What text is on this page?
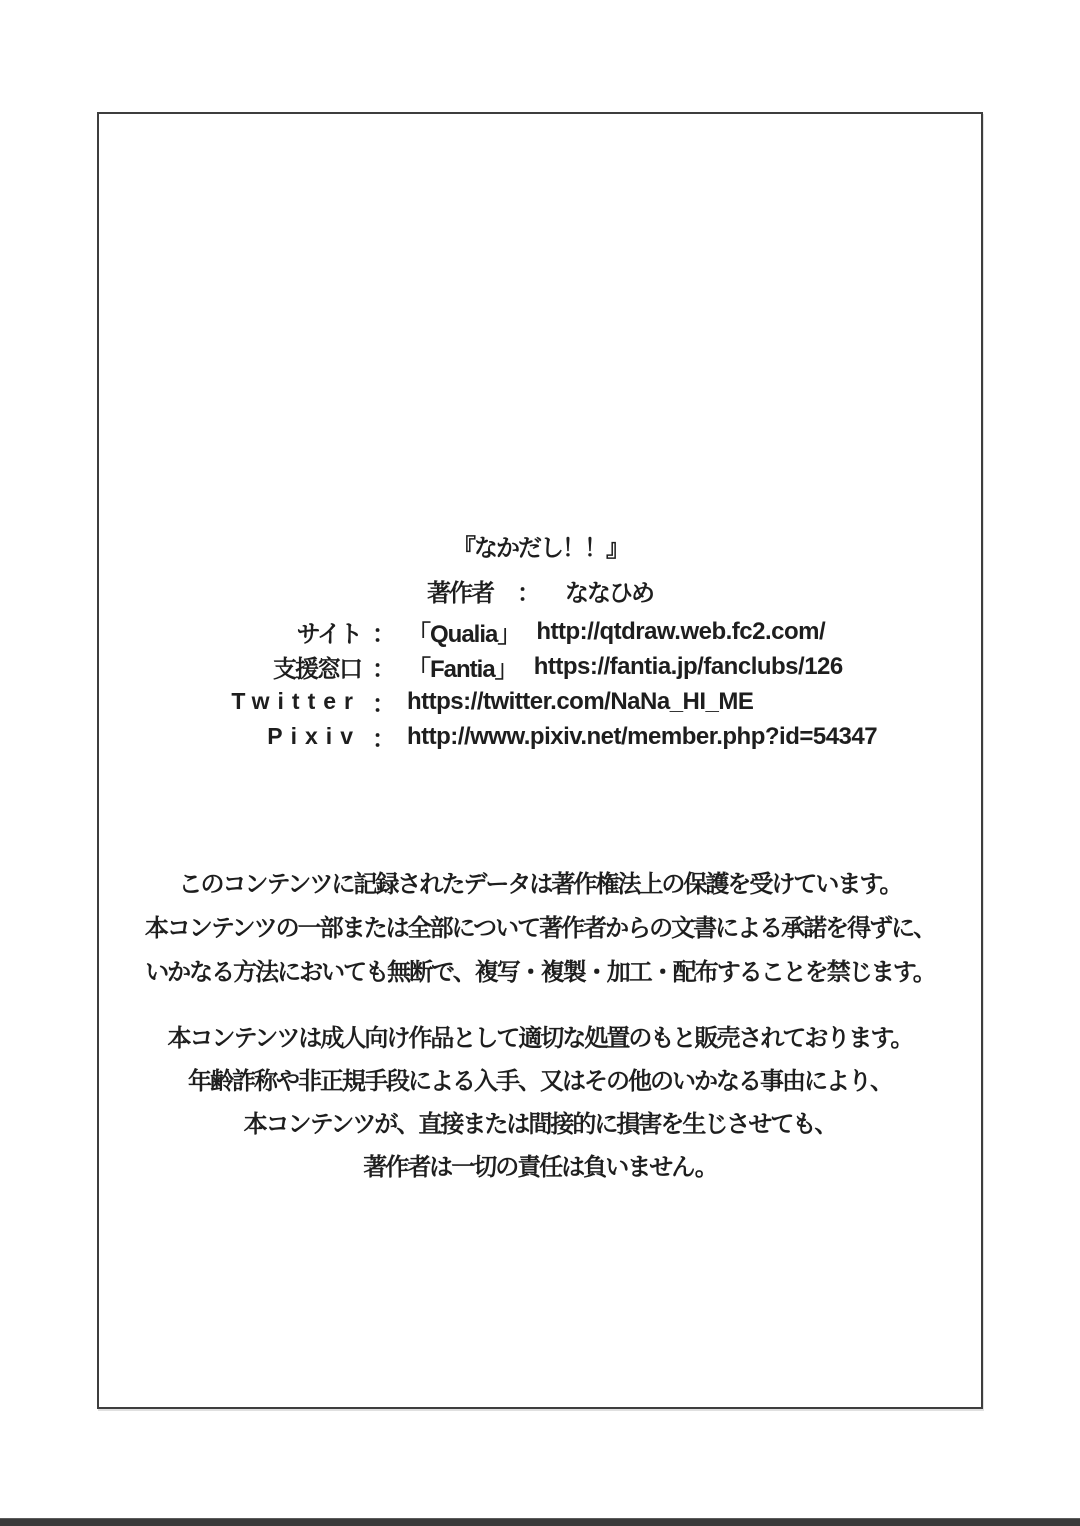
『なかだし！！』
著作者 ： ななひめ
サイト ： 「Qualia」 http://qtdraw.web.fc2.com/
支援窓口 ： 「Fantia」 https://fantia.jp/fanclubs/126
Twitter ： https://twitter.com/NaNa_HI_ME
Pixiv ： http://www.pixiv.net/member.php?id=54347
このコンテンツに記録されたデータは著作権法上の保護を受けています。
本コンテンツの一部または全部について著作者からの文書による承諾を得ずに、
いかなる方法においても無断で、複写・複製・加工・配布することを禁じます。
本コンテンツは成人向け作品として適切な処置のもと販売されております。
年齢詐称や非正規手段による入手、又はその他のいかなる事由により、
本コンテンツが、直接または間接的に損害を生じさせても、
著作者は一切の責任は負いません。
